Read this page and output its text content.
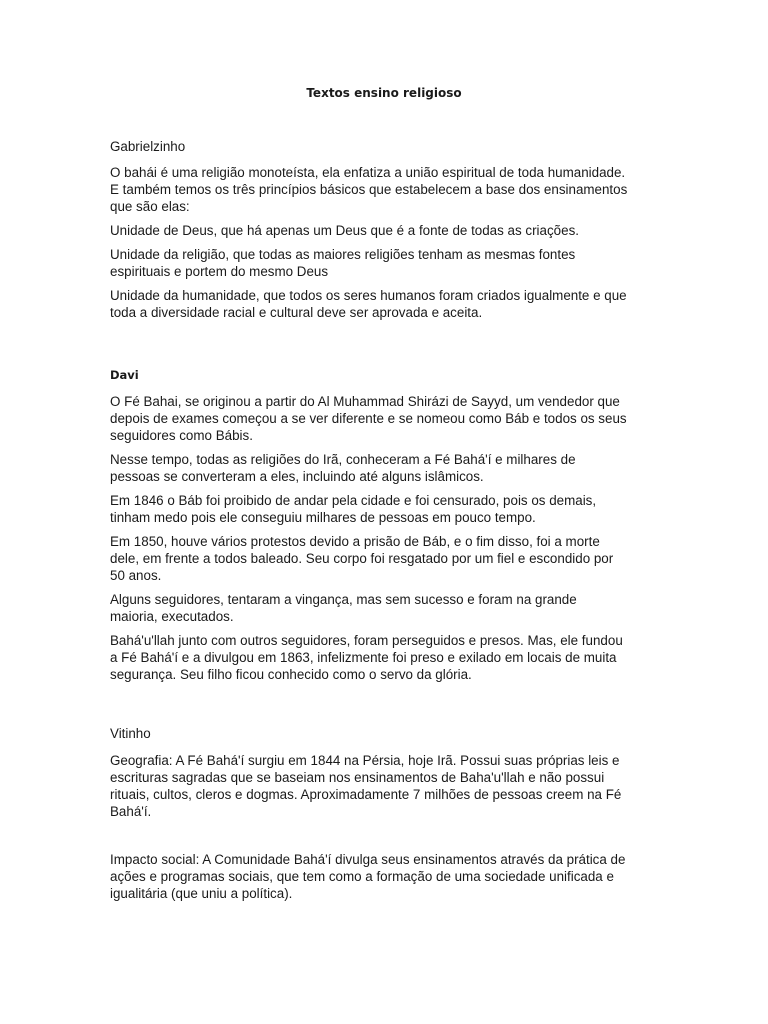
Textos ensino religioso

Gabrielzinho

O bahái é uma religião monoteísta, ela enfatiza a união espiritual de toda humanidade.
E também temos os três princípios básicos que estabelecem a base dos ensinamentos
que são elas:

Unidade de Deus, que há apenas um Deus que é a fonte de todas as criações.

Unidade da religião, que todas as maiores religiões tenham as mesmas fontes
espirituais e portem do mesmo Deus

Unidade da humanidade, que todos os seres humanos foram criados igualmente e que
toda a diversidade racial e cultural deve ser aprovada e aceita.

Davi

O Fé Bahai, se originou a partir do Al Muhammad Shirázi de Sayyd, um vendedor que
depois de exames começou a se ver diferente e se nomeou como Báb e todos os seus
seguidores como Bábis.

Nesse tempo, todas as religiões do Irã, conheceram a Fé Bahá'í e milhares de
pessoas se converteram a eles, incluindo até alguns islâmicos.

Em 1846 o Báb foi proibido de andar pela cidade e foi censurado, pois os demais,
tinham medo pois ele conseguiu milhares de pessoas em pouco tempo.

Em 1850, houve vários protestos devido a prisão de Báb, e o fim disso, foi a morte
dele, em frente a todos baleado. Seu corpo foi resgatado por um fiel e escondido por
50 anos.

Alguns seguidores, tentaram a vingança, mas sem sucesso e foram na grande
maioria, executados.

Bahá'u'llah junto com outros seguidores, foram perseguidos e presos. Mas, ele fundou
a Fé Bahá'í e a divulgou em 1863, infelizmente foi preso e exilado em locais de muita
segurança. Seu filho ficou conhecido como o servo da glória.

Vitinho

Geografia: A Fé Bahá'í surgiu em 1844 na Pérsia, hoje Irã. Possui suas próprias leis e
escrituras sagradas que se baseiam nos ensinamentos de Baha'u'llah e não possui
rituais, cultos, cleros e dogmas. Aproximadamente 7 milhões de pessoas creem na Fé
Bahá'í.

Impacto social: A Comunidade Bahá'í divulga seus ensinamentos através da prática de
ações e programas sociais, que tem como a formação de uma sociedade unificada e
igualitária (que uniu a política).
